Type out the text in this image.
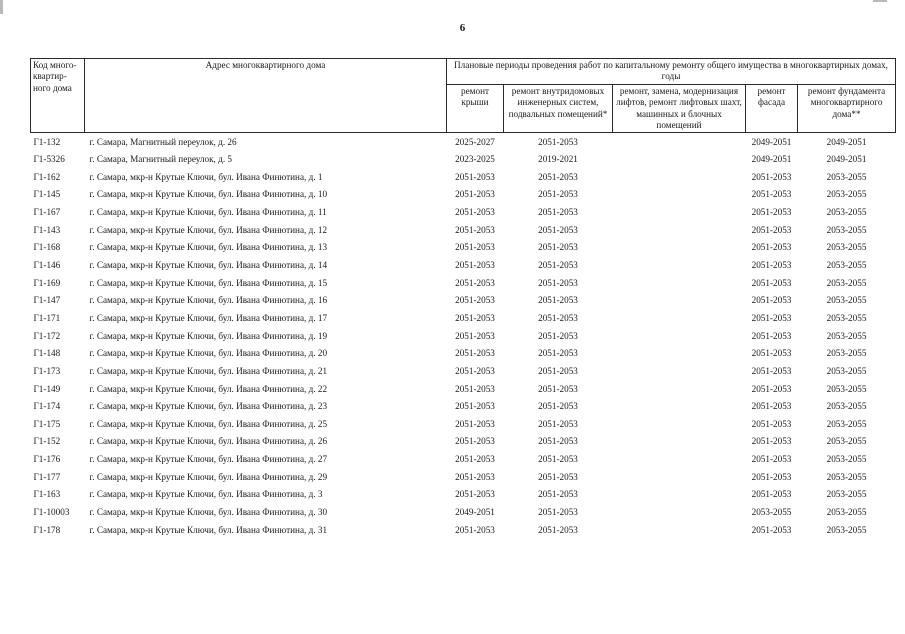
6
Код много-квартир-ного дома	Адрес многоквартирного дома	Плановые периоды проведения работ по капитальному ремонту общего имущества в многоквартирных домах, годы				
		ремонт крыши	ремонт внутридомовых инженерных систем, подвальных помещений*	ремонт, замена, модернизация лифтов, ремонт лифтовых шахт, машинных и блочных помещений	ремонт фасада	ремонт фундамента многоквартирного дома**
Г1-132	г. Самара, Магнитный переулок, д. 26	2025-2027	2051-2053		2049-2051	2049-2051
Г1-5326	г. Самара, Магнитный переулок, д. 5	2023-2025	2019-2021		2049-2051	2049-2051
Г1-162	г. Самара, мкр-н Крутые Ключи, бул. Ивана Финютина, д. 1	2051-2053	2051-2053		2051-2053	2053-2055
Г1-145	г. Самара, мкр-н Крутые Ключи, бул. Ивана Финютина, д. 10	2051-2053	2051-2053		2051-2053	2053-2055
Г1-167	г. Самара, мкр-н Крутые Ключи, бул. Ивана Финютина, д. 11	2051-2053	2051-2053		2051-2053	2053-2055
Г1-143	г. Самара, мкр-н Крутые Ключи, бул. Ивана Финютина, д. 12	2051-2053	2051-2053		2051-2053	2053-2055
Г1-168	г. Самара, мкр-н Крутые Ключи, бул. Ивана Финютина, д. 13	2051-2053	2051-2053		2051-2053	2053-2055
Г1-146	г. Самара, мкр-н Крутые Ключи, бул. Ивана Финютина, д. 14	2051-2053	2051-2053		2051-2053	2053-2055
Г1-169	г. Самара, мкр-н Крутые Ключи, бул. Ивана Финютина, д. 15	2051-2053	2051-2053		2051-2053	2053-2055
Г1-147	г. Самара, мкр-н Крутые Ключи, бул. Ивана Финютина, д. 16	2051-2053	2051-2053		2051-2053	2053-2055
Г1-171	г. Самара, мкр-н Крутые Ключи, бул. Ивана Финютина, д. 17	2051-2053	2051-2053		2051-2053	2053-2055
Г1-172	г. Самара, мкр-н Крутые Ключи, бул. Ивана Финютина, д. 19	2051-2053	2051-2053		2051-2053	2053-2055
Г1-148	г. Самара, мкр-н Крутые Ключи, бул. Ивана Финютина, д. 20	2051-2053	2051-2053		2051-2053	2053-2055
Г1-173	г. Самара, мкр-н Крутые Ключи, бул. Ивана Финютина, д. 21	2051-2053	2051-2053		2051-2053	2053-2055
Г1-149	г. Самара, мкр-н Крутые Ключи, бул. Ивана Финютина, д. 22	2051-2053	2051-2053		2051-2053	2053-2055
Г1-174	г. Самара, мкр-н Крутые Ключи, бул. Ивана Финютина, д. 23	2051-2053	2051-2053		2051-2053	2053-2055
Г1-175	г. Самара, мкр-н Крутые Ключи, бул. Ивана Финютина, д. 25	2051-2053	2051-2053		2051-2053	2053-2055
Г1-152	г. Самара, мкр-н Крутые Ключи, бул. Ивана Финютина, д. 26	2051-2053	2051-2053		2051-2053	2053-2055
Г1-176	г. Самара, мкр-н Крутые Ключи, бул. Ивана Финютина, д. 27	2051-2053	2051-2053		2051-2053	2053-2055
Г1-177	г. Самара, мкр-н Крутые Ключи, бул. Ивана Финютина, д. 29	2051-2053	2051-2053		2051-2053	2053-2055
Г1-163	г. Самара, мкр-н Крутые Ключи, бул. Ивана Финютина, д. 3	2051-2053	2051-2053		2051-2053	2053-2055
Г1-10003	г. Самара, мкр-н Крутые Ключи, бул. Ивана Финютина, д. 30	2049-2051	2051-2053		2053-2055	2053-2055
Г1-178	г. Самара, мкр-н Крутые Ключи, бул. Ивана Финютина, д. 31	2051-2053	2051-2053		2051-2053	2053-2055
